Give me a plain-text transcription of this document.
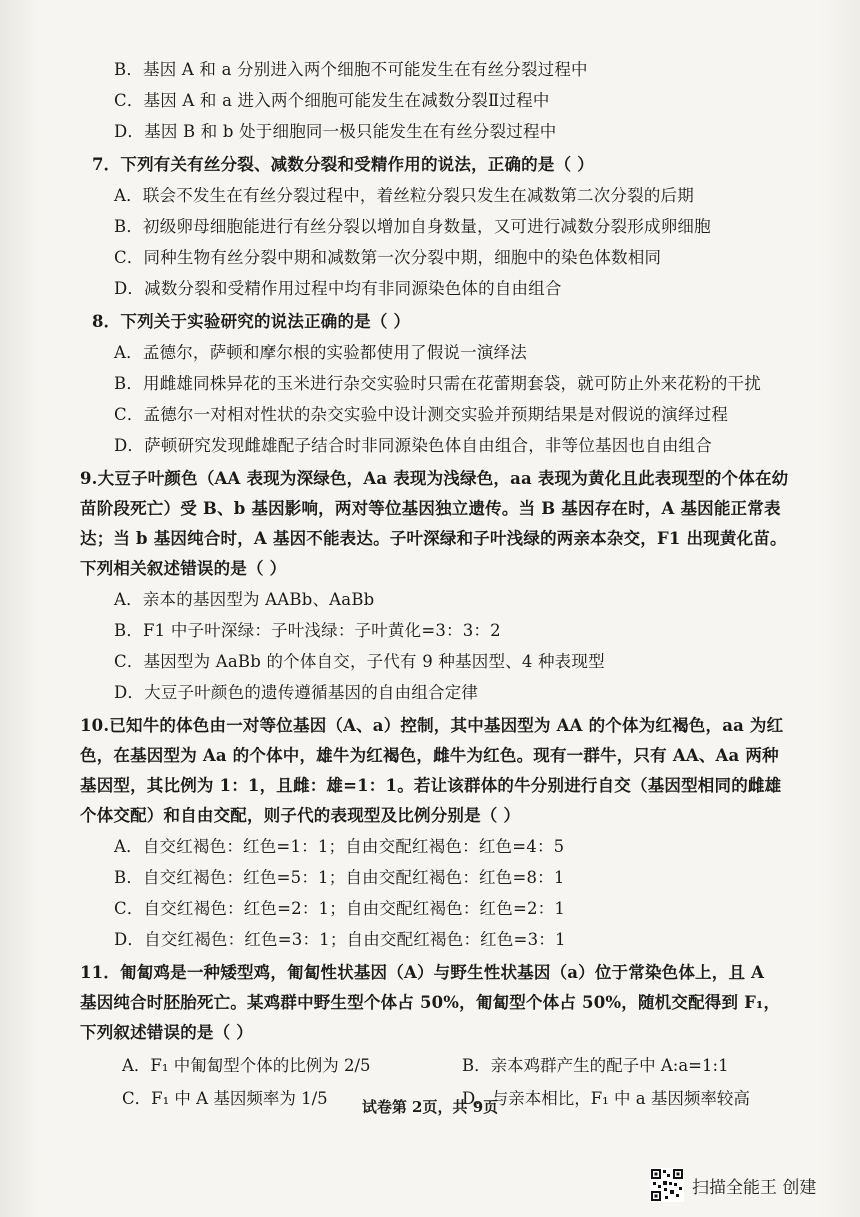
B．基因 A 和 a 分别进入两个细胞不可能发生在有丝分裂过程中
C．基因 A 和 a 进入两个细胞可能发生在减数分裂Ⅱ过程中
D．基因 B 和 b 处于细胞同一极只能发生在有丝分裂过程中
7．下列有关有丝分裂、减数分裂和受精作用的说法，正确的是（ ）
A．联会不发生在有丝分裂过程中，着丝粒分裂只发生在减数第二次分裂的后期
B．初级卵母细胞能进行有丝分裂以增加自身数量，又可进行减数分裂形成卵细胞
C．同种生物有丝分裂中期和减数第一次分裂中期，细胞中的染色体数相同
D．减数分裂和受精作用过程中均有非同源染色体的自由组合
8．下列关于实验研究的说法正确的是（ ）
A．孟德尔，萨顿和摩尔根的实验都使用了假说一演绎法
B．用雌雄同株异花的玉米进行杂交实验时只需在花蕾期套袋，就可防止外来花粉的干扰
C．孟德尔一对相对性状的杂交实验中设计测交实验并预期结果是对假说的演绎过程
D．萨顿研究发现雌雄配子结合时非同源染色体自由组合，非等位基因也自由组合
9.大豆子叶颜色（AA 表现为深绿色，Aa 表现为浅绿色，aa 表现为黄化且此表现型的个体在幼
苗阶段死亡）受 B、b 基因影响，两对等位基因独立遗传。当 B 基因存在时，A 基因能正常表
达；当 b 基因纯合时，A 基因不能表达。子叶深绿和子叶浅绿的两亲本杂交，F1 出现黄化苗。
下列相关叙述错误的是（ ）
A．亲本的基因型为 AABb、AaBb
B．F1 中子叶深绿：子叶浅绿：子叶黄化=3：3：2
C．基因型为 AaBb 的个体自交，子代有 9 种基因型、4 种表现型
D．大豆子叶颜色的遗传遵循基因的自由组合定律
10.已知牛的体色由一对等位基因（A、a）控制，其中基因型为 AA 的个体为红褐色，aa 为红
色，在基因型为 Aa 的个体中，雄牛为红褐色，雌牛为红色。现有一群牛，只有 AA、Aa 两种
基因型，其比例为 1：1，且雌：雄=1：1。若让该群体的牛分别进行自交（基因型相同的雌雄
个体交配）和自由交配，则子代的表现型及比例分别是（ ）
A．自交红褐色：红色=1：1；自由交配红褐色：红色=4：5
B．自交红褐色：红色=5：1；自由交配红褐色：红色=8：1
C．自交红褐色：红色=2：1；自由交配红褐色：红色=2：1
D．自交红褐色：红色=3：1；自由交配红褐色：红色=3：1
11．匍匐鸡是一种矮型鸡，匍匐性状基因（A）与野生性状基因（a）位于常染色体上，且 A
基因纯合时胚胎死亡。某鸡群中野生型个体占 50%，匍匐型个体占 50%，随机交配得到 F₁，
下列叙述错误的是（ ）
A．F₁ 中匍匐型个体的比例为 2/5	B．亲本鸡群产生的配子中 A:a=1:1
C．F₁ 中 A 基因频率为 1/5	D．与亲本相比，F₁ 中 a 基因频率较高
试卷第 2页，共 9页
扫描全能王 创建
